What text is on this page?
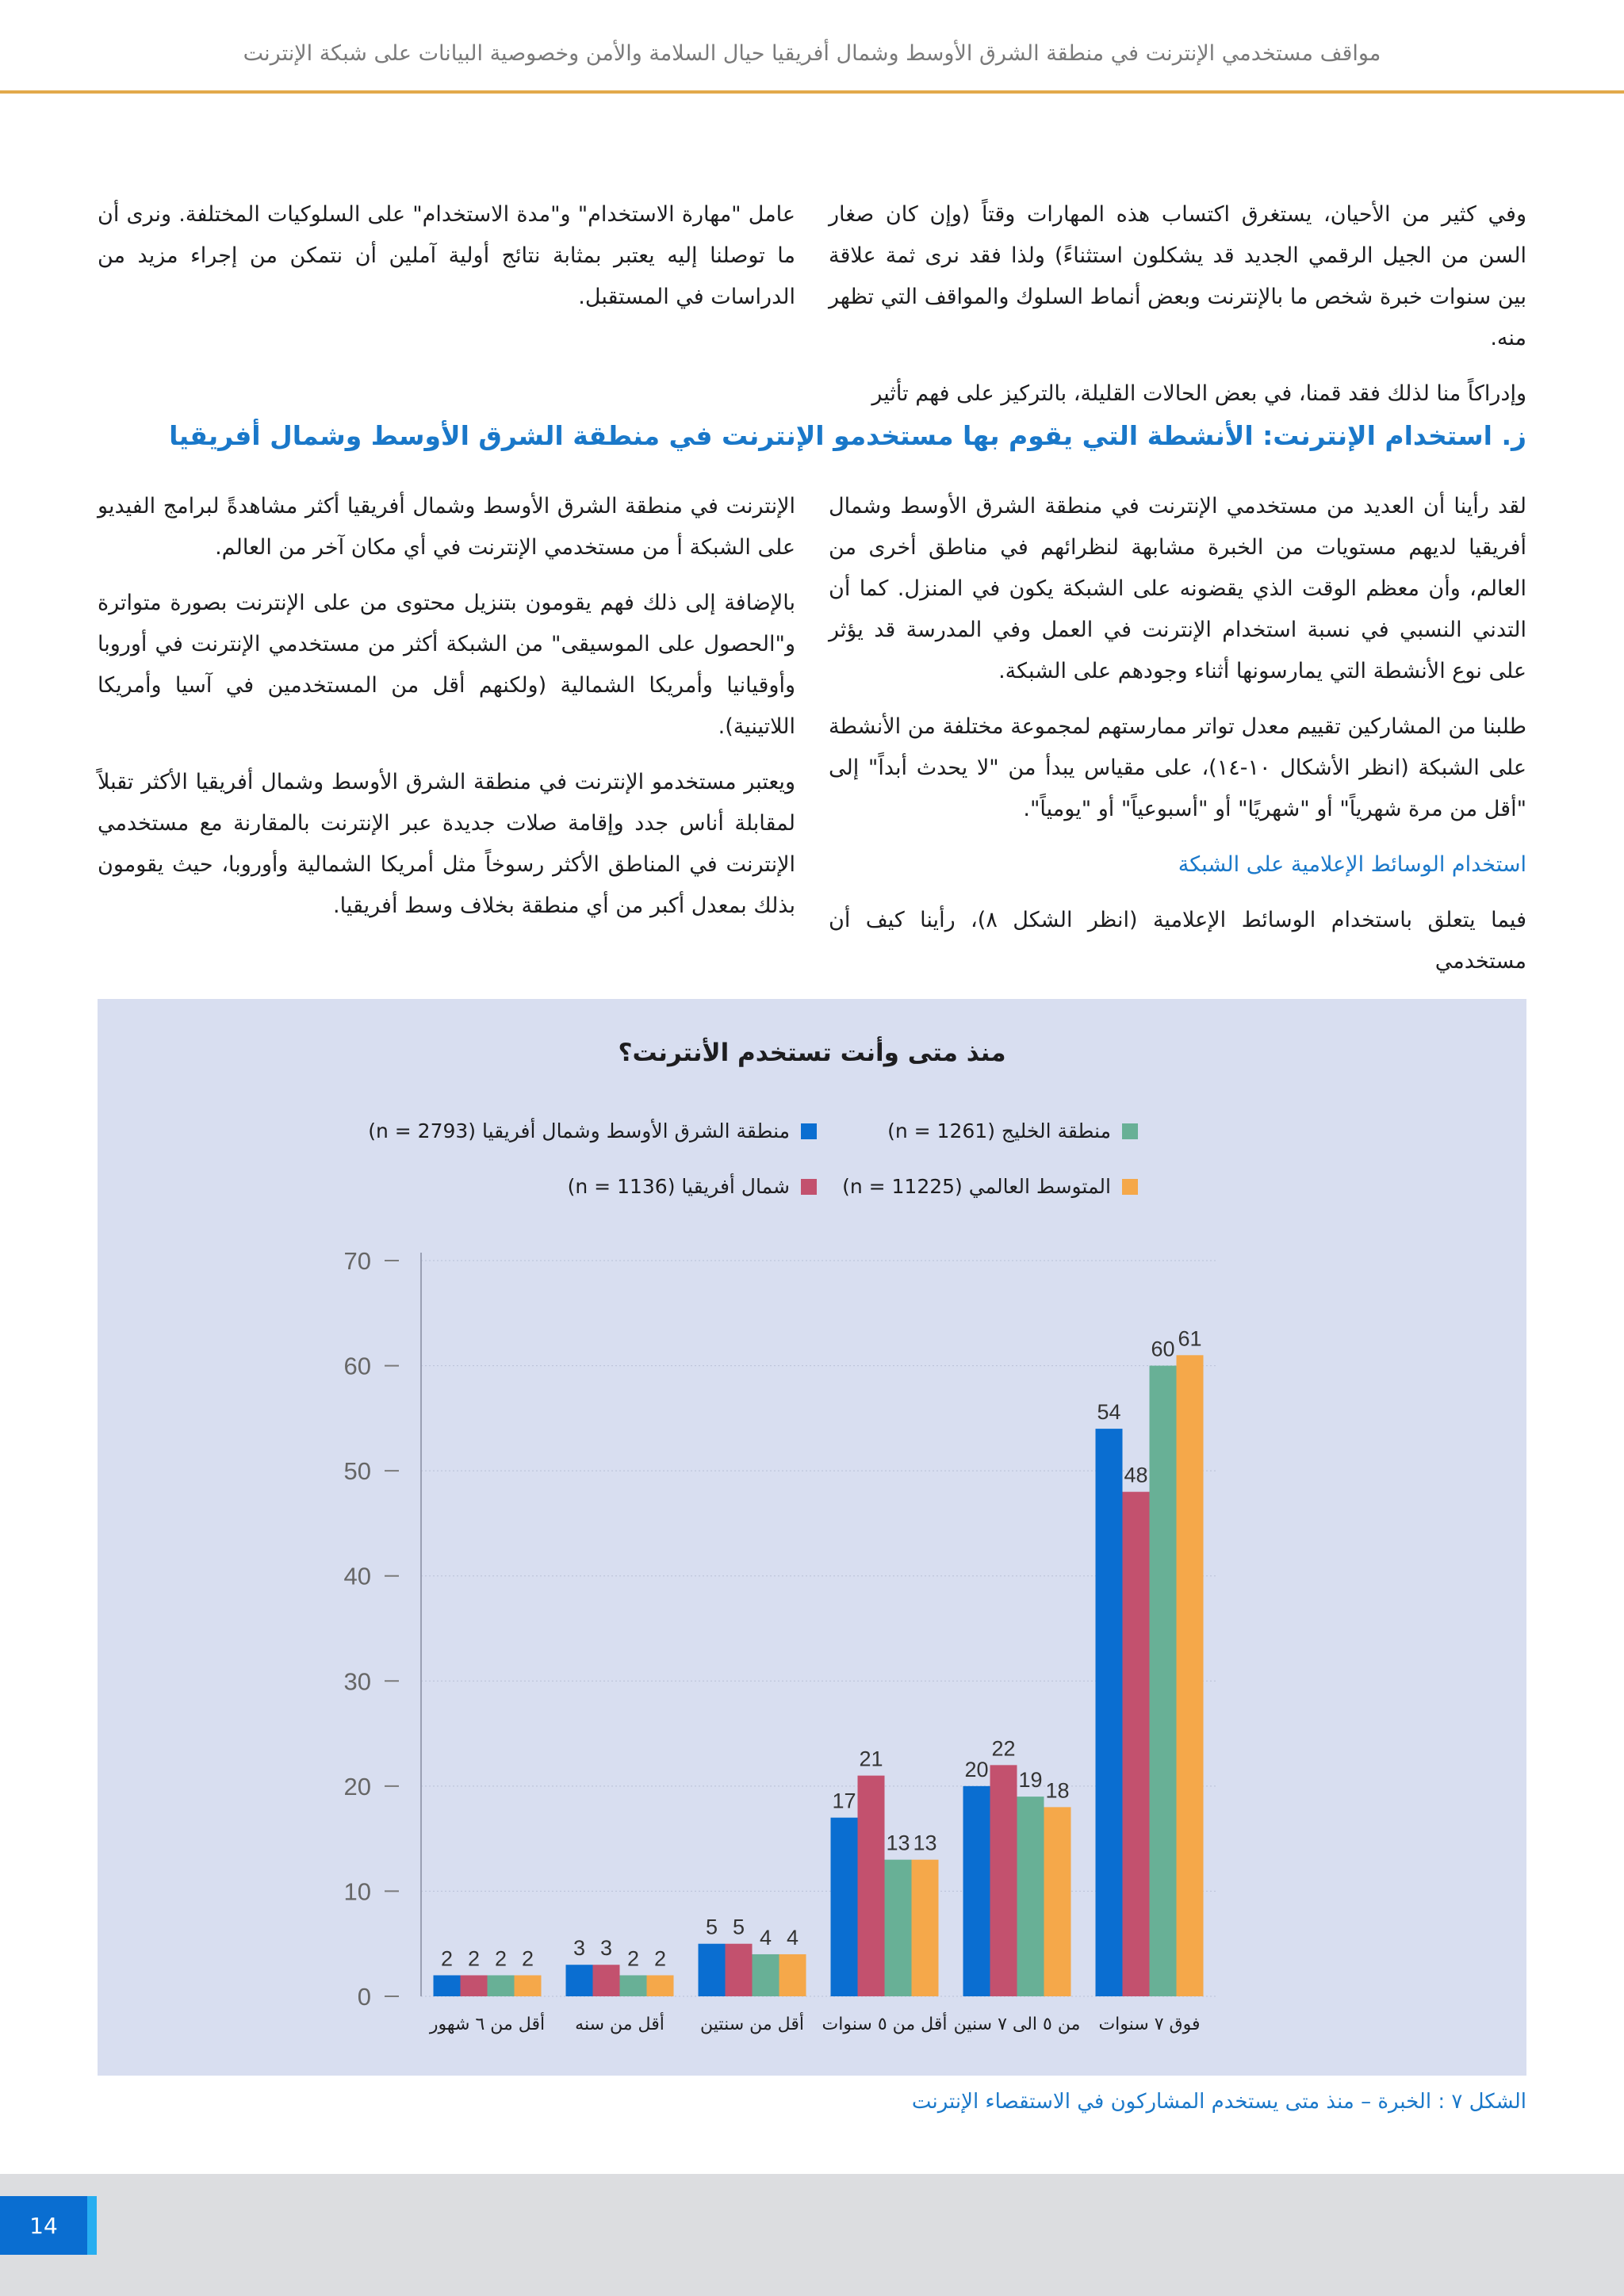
مواقف مستخدمي الإنترنت في منطقة الشرق الأوسط وشمال أفريقيا حيال السلامة والأمن وخصوصية البيانات على شبكة الإنترنت

وفي كثير من الأحيان، يستغرق اكتساب هذه المهارات وقتاً (وإن كان صغار السن من الجيل الرقمي الجديد قد يشكلون استثناءً) ولذا فقد نرى ثمة علاقة بين سنوات خبرة شخص ما بالإنترنت وبعض أنماط السلوك والمواقف التي تظهر منه.

وإدراكاً منا لذلك فقد قمنا، في بعض الحالات القليلة، بالتركيز على فهم تأثير

عامل "مهارة الاستخدام" و"مدة الاستخدام" على السلوكيات المختلفة. ونرى أن ما توصلنا إليه يعتبر بمثابة نتائج أولية آملين أن نتمكن من إجراء مزيد من الدراسات في المستقبل.

ز. استخدام الإنترنت: الأنشطة التي يقوم بها مستخدمو الإنترنت في منطقة الشرق الأوسط وشمال أفريقيا

لقد رأينا أن العديد من مستخدمي الإنترنت في منطقة الشرق الأوسط وشمال أفريقيا لديهم مستويات من الخبرة مشابهة لنظرائهم في مناطق أخرى من العالم، وأن معظم الوقت الذي يقضونه على الشبكة يكون في المنزل. كما أن التدني النسبي في نسبة استخدام الإنترنت في العمل وفي المدرسة قد يؤثر على نوع الأنشطة التي يمارسونها أثناء وجودهم على الشبكة.

طلبنا من المشاركين تقييم معدل تواتر ممارستهم لمجموعة مختلفة من الأنشطة على الشبكة (انظر الأشكال ١٠-١٤)، على مقياس يبدأ من "لا يحدث أبداً" إلى "أقل من مرة شهرياً" أو "شهريًا" أو "أسبوعياً" أو "يومياً".

استخدام الوسائط الإعلامية على الشبكة

فيما يتعلق باستخدام الوسائط الإعلامية (انظر الشكل ٨)، رأينا كيف أن مستخدمي

الإنترنت في منطقة الشرق الأوسط وشمال أفريقيا أكثر مشاهدةً لبرامج الفيديو على الشبكة أ من مستخدمي الإنترنت في أي مكان آخر من العالم.

بالإضافة إلى ذلك فهم يقومون بتنزيل محتوى من على الإنترنت بصورة متواترة و"الحصول على الموسيقى" من الشبكة أكثر من مستخدمي الإنترنت في أوروبا وأوقيانيا وأمريكا الشمالية (ولكنهم أقل من المستخدمين في آسيا وأمريكا اللاتينية).

ويعتبر مستخدمو الإنترنت في منطقة الشرق الأوسط وشمال أفريقيا الأكثر تقبلاً لمقابلة أناس جدد وإقامة صلات جديدة عبر الإنترنت بالمقارنة مع مستخدمي الإنترنت في المناطق الأكثر رسوخاً مثل أمريكا الشمالية وأوروبا، حيث يقومون بذلك بمعدل أكبر من أي منطقة بخلاف وسط أفريقيا.

منذ متى وأنت تستخدم الأنترنت؟
منطقة الشرق الأوسط وشمال أفريقيا (n = 2793)	منطقة الخليج (n = 1261)
شمال أفريقيا (n = 1136)	المتوسط العالمي (n = 11225)
0
10
20
30
40
50
60
70
2 2 2 2
أقل من ٦ شهور
3 3 2 2
أقل من سنه
5 5 4 4
أقل من سنتين
17
21
13 13
أقل من ٥ سنوات
20
22
19 18
من ٥ الى ٧ سنين
54
48
60 61
فوق ٧ سنوات
الشكل ٧ : الخبرة – منذ متى يستخدم المشاركون في الاستقصاء الإنترنت
14
